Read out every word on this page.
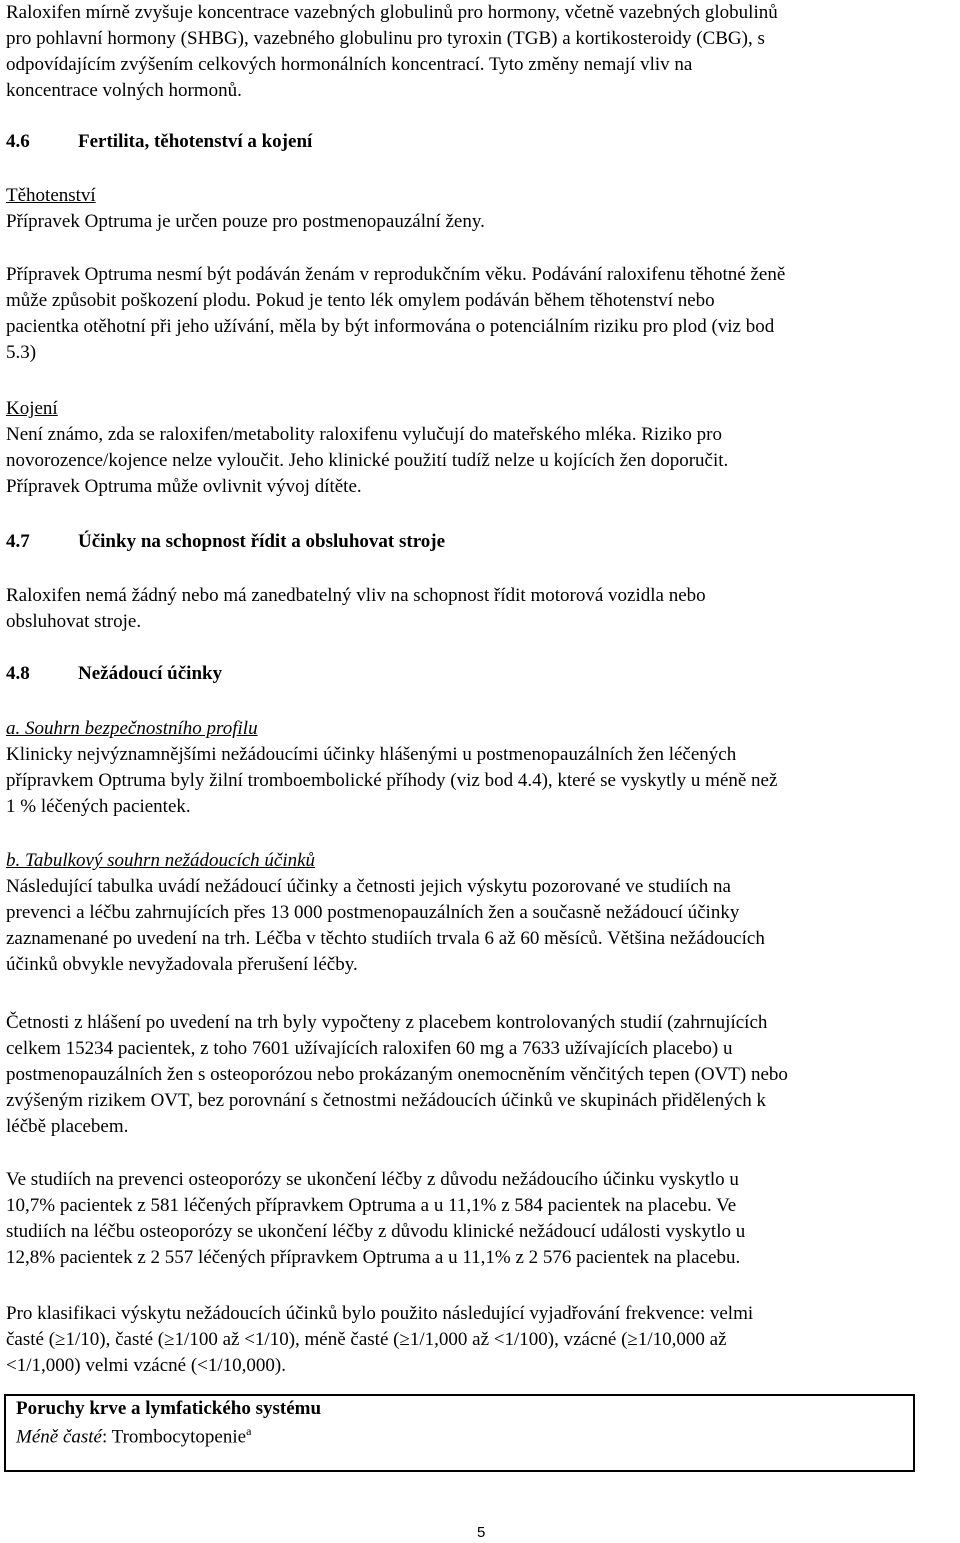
Raloxifen mírně zvyšuje koncentrace vazebných globulinů pro hormony, včetně vazebných globulinů
pro pohlavní hormony (SHBG), vazebného globulinu pro tyroxin (TGB) a kortikosteroidy (CBG), s
odpovídajícím zvýšením celkových hormonálních koncentrací. Tyto změny nemají vliv na
koncentrace volných hormonů.
4.6	Fertilita, těhotenství a kojení
Těhotenství
Přípravek Optruma je určen pouze pro postmenopauzální ženy.
Přípravek Optruma nesmí být podáván ženám v reprodukčním věku. Podávání raloxifenu těhotné ženě
může způsobit poškození plodu. Pokud je tento lék omylem podáván během těhotenství nebo
pacientka otěhotní při jeho užívání, měla by být informována o potenciálním riziku pro plod (viz bod
5.3)
Kojení
Není známo, zda se raloxifen/metabolity raloxifenu vylučují do mateřského mléka. Riziko pro
novorozence/kojence nelze vyloučit. Jeho klinické použití tudíž nelze u kojících žen doporučit.
Přípravek Optruma může ovlivnit vývoj dítěte.
4.7	Účinky na schopnost řídit a obsluhovat stroje
Raloxifen nemá žádný nebo má zanedbatelný vliv na schopnost řídit motorová vozidla nebo
obsluhovat stroje.
4.8	Nežádoucí účinky
a. Souhrn bezpečnostního profilu
Klinicky nejvýznamnějšími nežádoucími účinky hlášenými u postmenopauzálních žen léčených
přípravkem Optruma byly žilní tromboembolické příhody (viz bod 4.4), které se vyskytly u méně než
1 % léčených pacientek.
b. Tabulkový souhrn nežádoucích účinků
Následující tabulka uvádí nežádoucí účinky a četnosti jejich výskytu pozorované ve studiích na
prevenci a léčbu zahrnujících přes 13 000 postmenopauzálních žen a současně nežádoucí účinky
zaznamenané po uvedení na trh. Léčba v těchto studiích trvala 6 až 60 měsíců. Většina nežádoucích
účinků obvykle nevyžadovala přerušení léčby.
Četnosti z hlášení po uvedení na trh byly vypočteny z placebem kontrolovaných studií (zahrnujících
celkem 15234 pacientek, z toho 7601 užívajících raloxifen 60 mg a 7633 užívajících placebo) u
postmenopauzálních žen s osteoporózou nebo prokázaným onemocněním věnčitých tepen (OVT) nebo
zvýšeným rizikem OVT, bez porovnání s četnostmi nežádoucích účinků ve skupinách přidělených k
léčbě placebem.
Ve studiích na prevenci osteoporózy se ukončení léčby z důvodu nežádoucího účinku vyskytlo u
10,7% pacientek z 581 léčených přípravkem Optruma a u 11,1% z 584 pacientek na placebu. Ve
studiích na léčbu osteoporózy se ukončení léčby z důvodu klinické nežádoucí události vyskytlo u
12,8% pacientek z 2 557 léčených přípravkem Optruma a u 11,1% z 2 576 pacientek na placebu.
Pro klasifikaci výskytu nežádoucích účinků bylo použito následující vyjadřování frekvence: velmi
časté (≥1/10), časté (≥1/100 až <1/10), méně časté (≥1/1,000 až <1/100), vzácné (≥1/10,000 až
<1/1,000) velmi vzácné (<1/10,000).
Poruchy krve a lymfatického systému
Méně časté: Trombocytopenie$^a$
5
